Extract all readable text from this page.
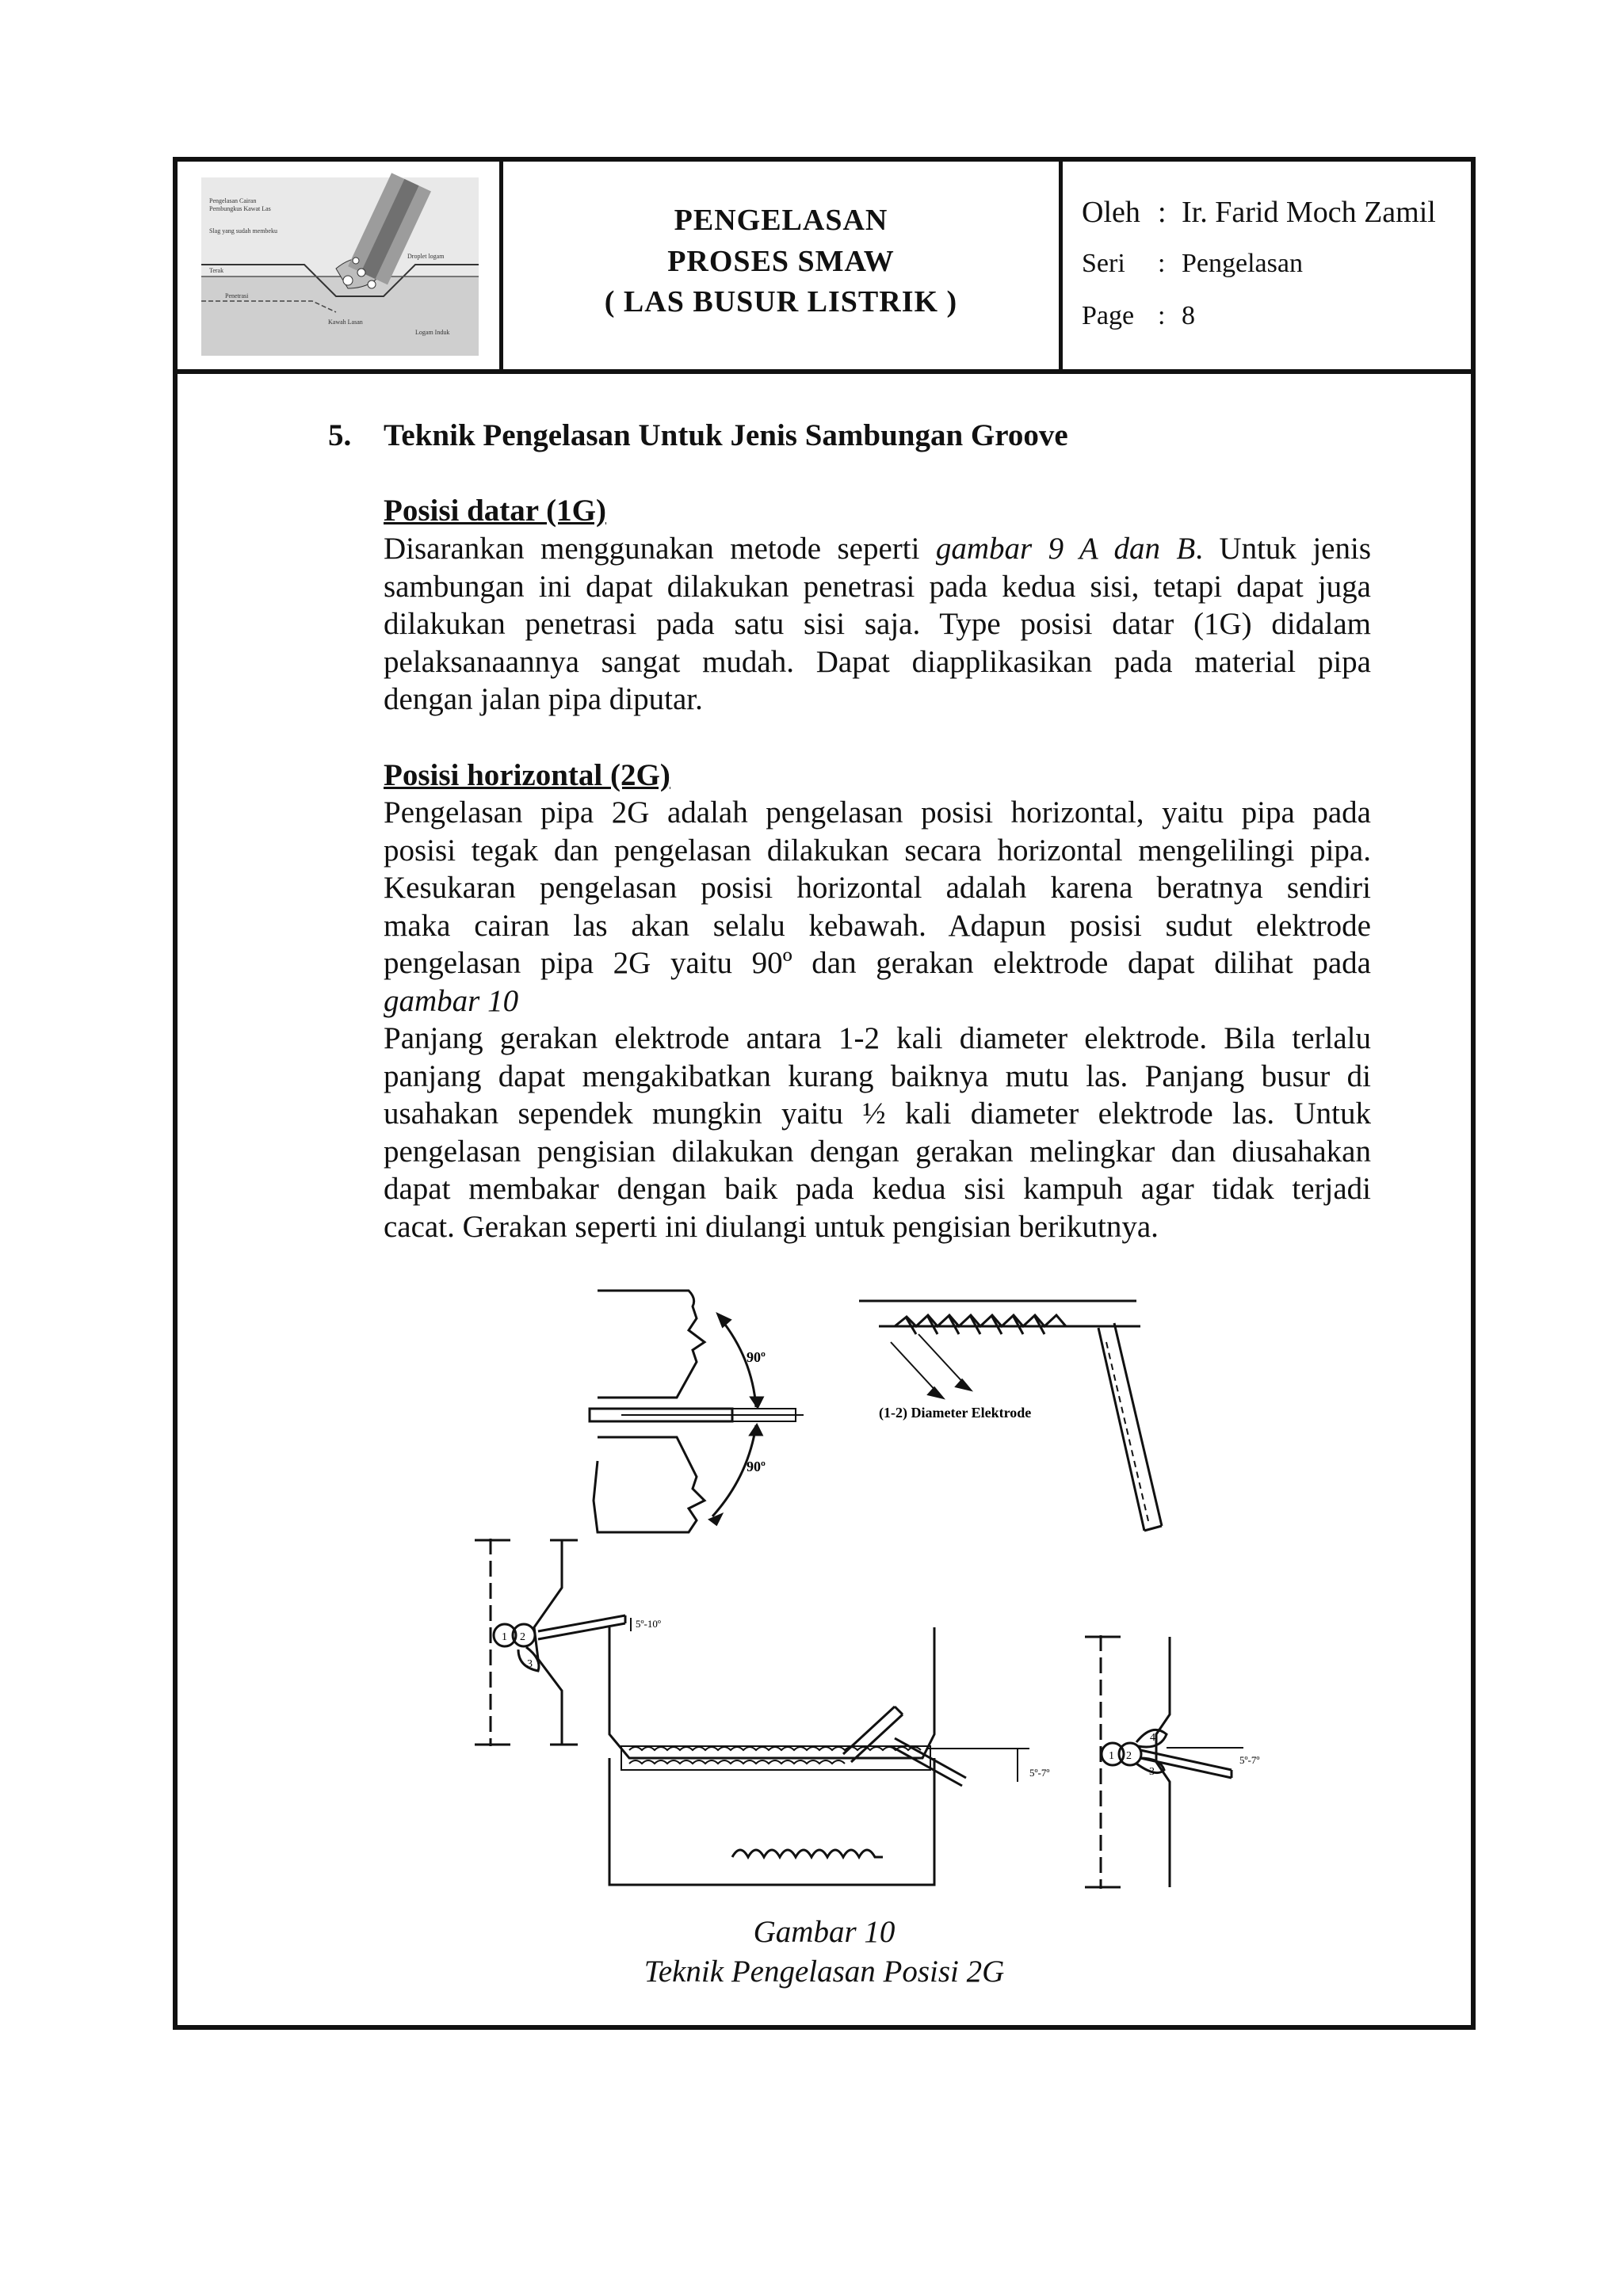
Pengelasan Cairan
Pembungkus Kawat Las
Slag yang sudah membeku
Droplet logam
Terak
Penetrasi
Kawah Lasan
Logam Induk
PENGELASAN
PROSES SMAW
( LAS BUSUR LISTRIK )
Oleh : Ir. Farid Moch Zamil
Seri : Pengelasan
Page : 8
5. Teknik Pengelasan Untuk Jenis Sambungan Groove
Posisi datar (1G)
Disarankan menggunakan metode seperti gambar 9 A dan B. Untuk jenis
sambungan ini dapat dilakukan penetrasi pada kedua sisi, tetapi dapat juga
dilakukan penetrasi pada satu sisi saja. Type posisi datar (1G) didalam
pelaksanaannya sangat mudah. Dapat diapplikasikan pada material pipa
dengan jalan pipa diputar.
Posisi horizontal (2G)
Pengelasan pipa 2G adalah pengelasan posisi horizontal, yaitu pipa pada
posisi tegak dan pengelasan dilakukan secara horizontal mengelilingi pipa.
Kesukaran pengelasan posisi horizontal adalah karena beratnya sendiri
maka cairan las akan selalu kebawah. Adapun posisi sudut elektrode
pengelasan pipa 2G yaitu 90º dan gerakan elektrode dapat dilihat pada
gambar 10
Panjang gerakan elektrode antara 1-2 kali diameter elektrode. Bila terlalu
panjang dapat mengakibatkan kurang baiknya mutu las. Panjang busur di
usahakan sependek mungkin yaitu ½ kali diameter elektrode las. Untuk
pengelasan pengisian dilakukan dengan gerakan melingkar dan diusahakan
dapat membakar dengan baik pada kedua sisi kampuh agar tidak terjadi
cacat. Gerakan seperti ini diulangi untuk pengisian berikutnya.
90º
90º
(1-2) Diameter Elektrode
1 2
3
5º-10º
5º-7º
1 2
3
4
5º-7º
Gambar 10
Teknik Pengelasan Posisi 2G
